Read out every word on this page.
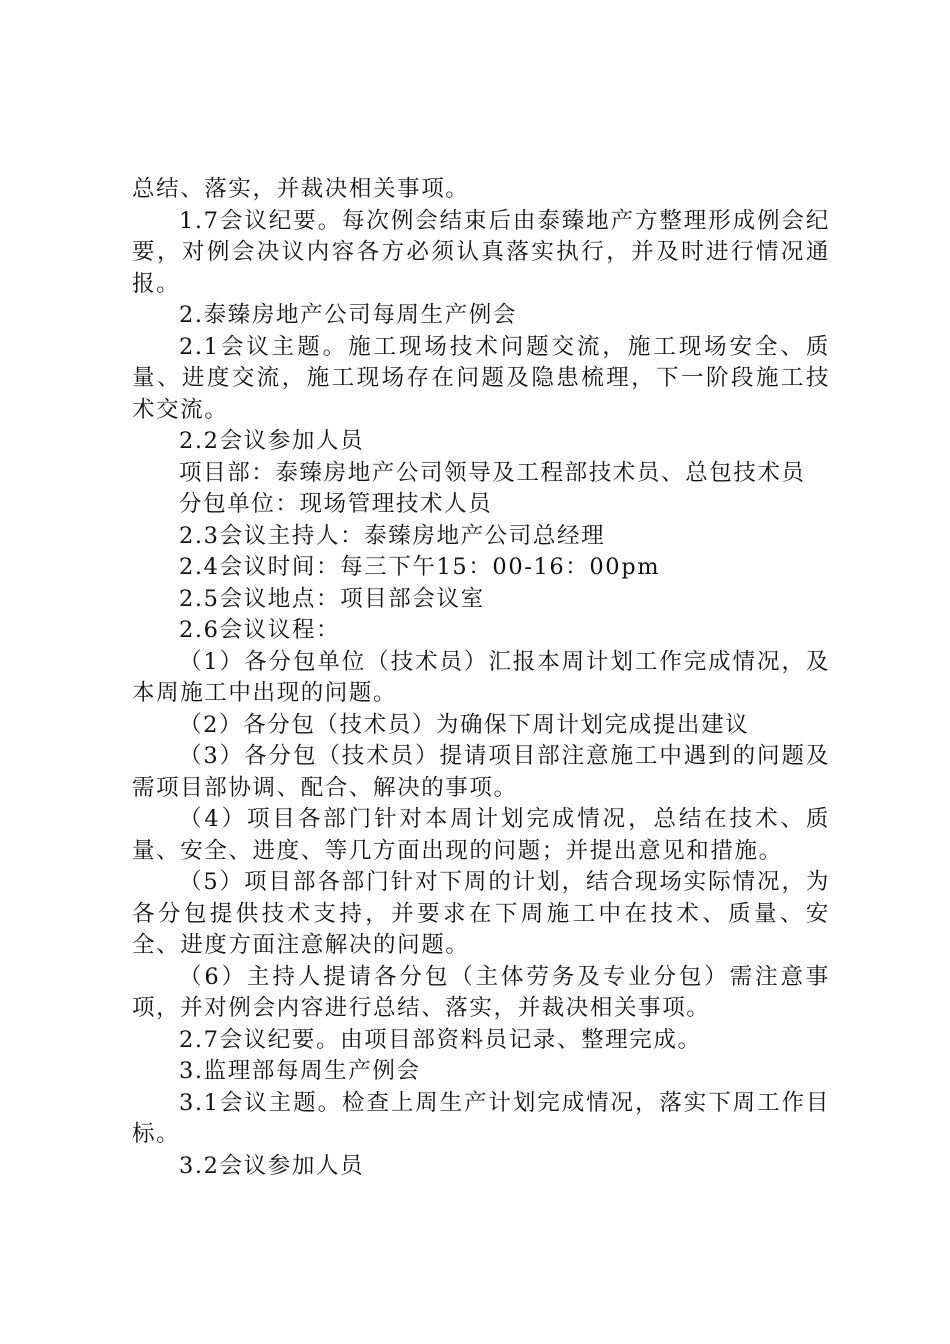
总结、落实，并裁决相关事项。

1.7会议纪要。每次例会结束后由泰臻地产方整理形成例会纪要，对例会决议内容各方必须认真落实执行，并及时进行情况通报。

2.泰臻房地产公司每周生产例会

2.1会议主题。施工现场技术问题交流，施工现场安全、质量、进度交流，施工现场存在问题及隐患梳理，下一阶段施工技术交流。

2.2会议参加人员

项目部：泰臻房地产公司领导及工程部技术员、总包技术员

分包单位：现场管理技术人员

2.3会议主持人：泰臻房地产公司总经理

2.4会议时间：每三下午15：00-16：00pm

2.5会议地点：项目部会议室

2.6会议议程：

（1）各分包单位（技术员）汇报本周计划工作完成情况，及本周施工中出现的问题。

（2）各分包（技术员）为确保下周计划完成提出建议

（3）各分包（技术员）提请项目部注意施工中遇到的问题及需项目部协调、配合、解决的事项。

（4）项目各部门针对本周计划完成情况，总结在技术、质量、安全、进度、等几方面出现的问题；并提出意见和措施。

（5）项目部各部门针对下周的计划，结合现场实际情况，为各分包提供技术支持，并要求在下周施工中在技术、质量、安全、进度方面注意解决的问题。

（6）主持人提请各分包（主体劳务及专业分包）需注意事项，并对例会内容进行总结、落实，并裁决相关事项。

2.7会议纪要。由项目部资料员记录、整理完成。

3.监理部每周生产例会

3.1会议主题。检查上周生产计划完成情况，落实下周工作目标。

3.2会议参加人员
